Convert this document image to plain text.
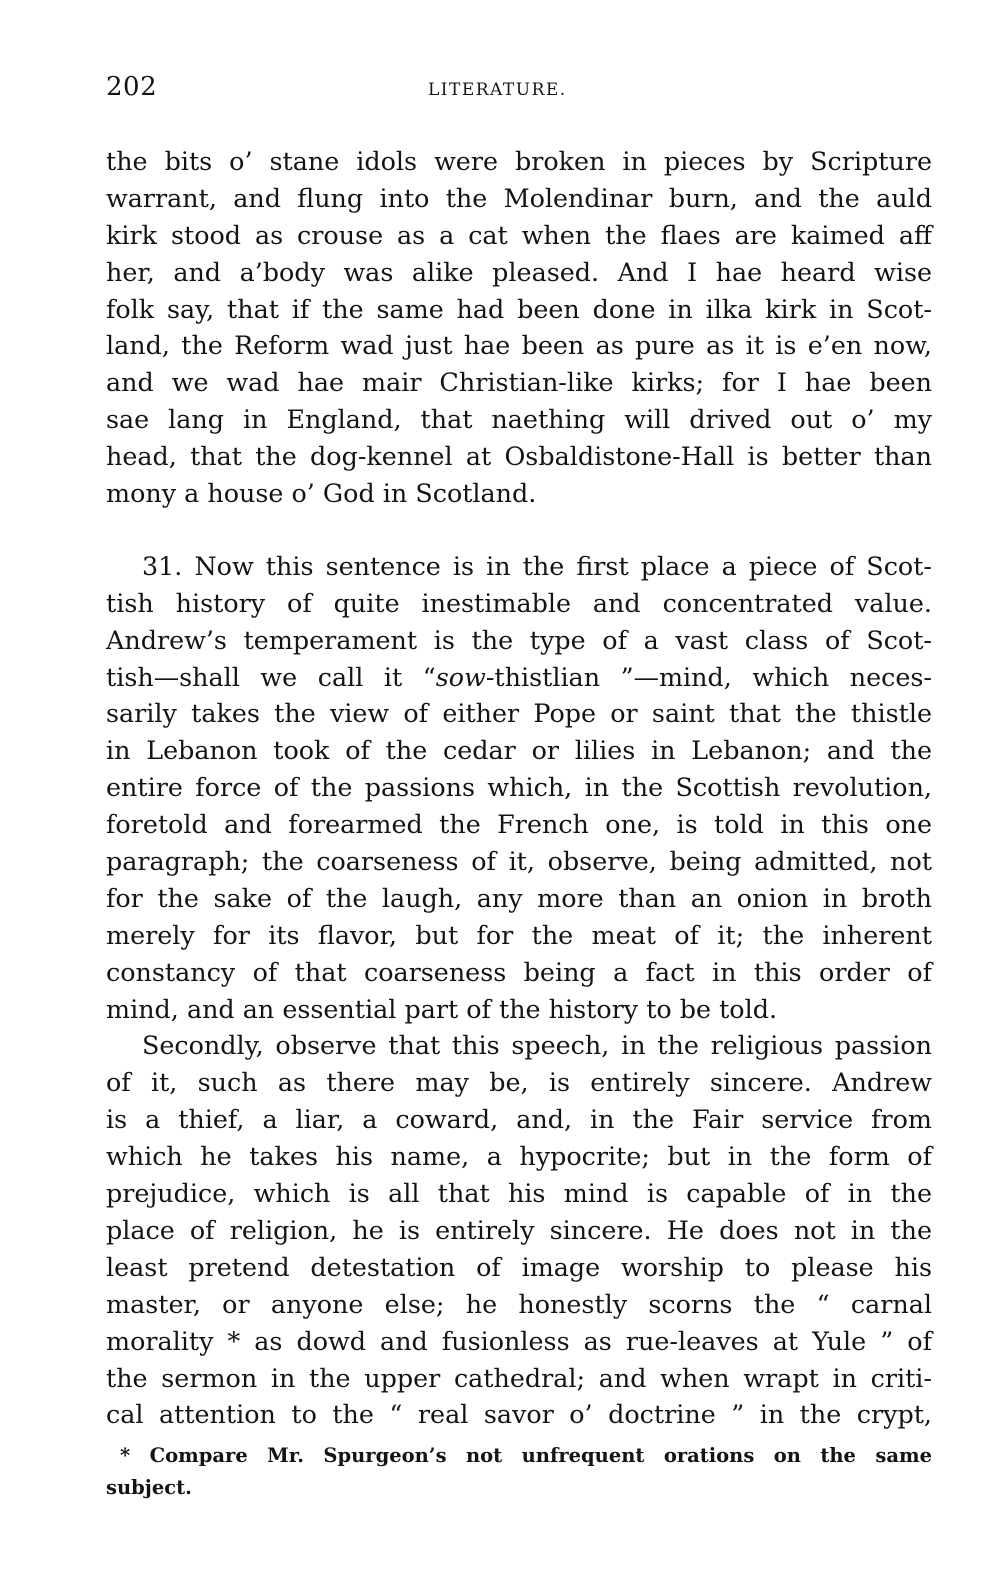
202	LITERATURE.
the bits o’ stane idols were broken in pieces by Scripture
warrant, and flung into the Molendinar burn, and the auld
kirk stood as crouse as a cat when the flaes are kaimed aff
her, and a’body was alike pleased. And I hae heard wise
folk say, that if the same had been done in ilka kirk in Scot-
land, the Reform wad just hae been as pure as it is e’en now,
and we wad hae mair Christian-like kirks; for I hae been
sae lang in England, that naething will drived out o’ my
head, that the dog-kennel at Osbaldistone-Hall is better than
mony a house o’ God in Scotland.
31. Now this sentence is in the first place a piece of Scot-
tish history of quite inestimable and concentrated value.
Andrew’s temperament is the type of a vast class of Scot-
tish—shall we call it “sow-thistlian ”—mind, which neces-
sarily takes the view of either Pope or saint that the thistle
in Lebanon took of the cedar or lilies in Lebanon; and the
entire force of the passions which, in the Scottish revolution,
foretold and forearmed the French one, is told in this one
paragraph; the coarseness of it, observe, being admitted, not
for the sake of the laugh, any more than an onion in broth
merely for its flavor, but for the meat of it; the inherent
constancy of that coarseness being a fact in this order of
mind, and an essential part of the history to be told.
Secondly, observe that this speech, in the religious passion
of it, such as there may be, is entirely sincere. Andrew
is a thief, a liar, a coward, and, in the Fair service from
which he takes his name, a hypocrite; but in the form of
prejudice, which is all that his mind is capable of in the
place of religion, he is entirely sincere. He does not in the
least pretend detestation of image worship to please his
master, or anyone else; he honestly scorns the “ carnal
morality * as dowd and fusionless as rue-leaves at Yule ” of
the sermon in the upper cathedral; and when wrapt in criti-
cal attention to the “ real savor o’ doctrine ” in the crypt,
* Compare Mr. Spurgeon’s not unfrequent orations on the same
subject.
